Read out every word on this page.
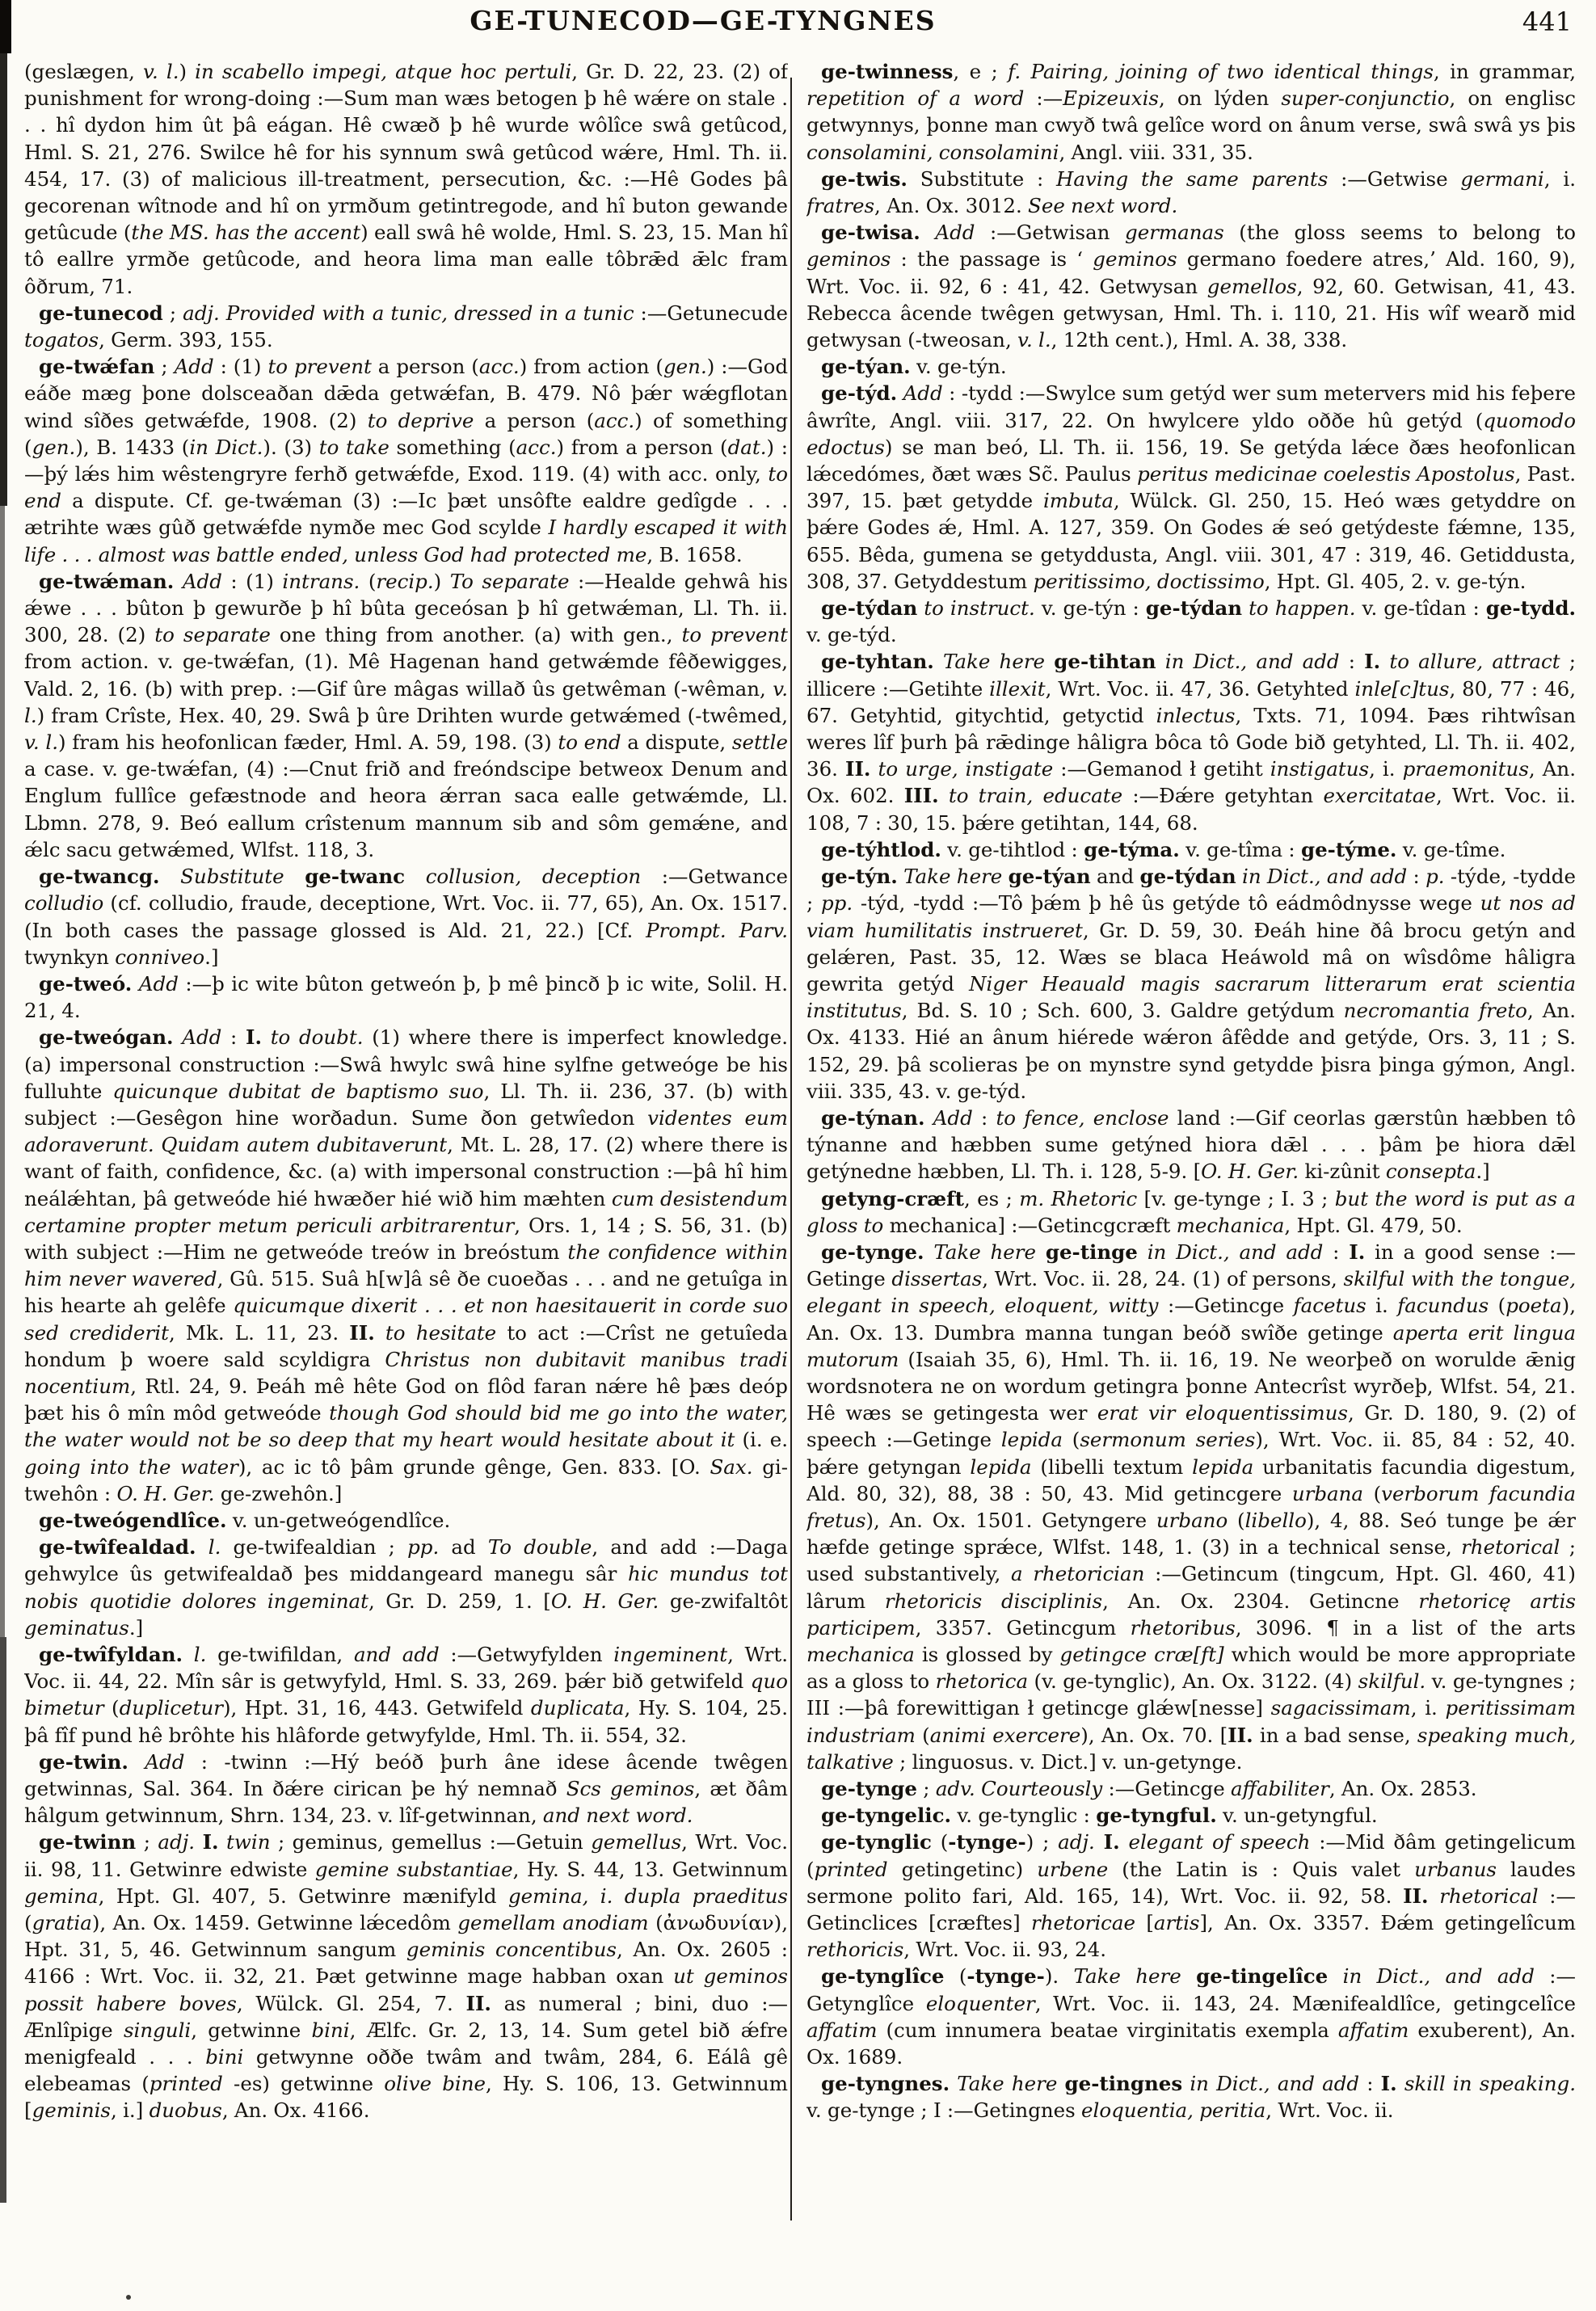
GE-TUNECOD—GE-TYNGNES	441

(geslægen, v. l.) in scabello impegi, atque hoc pertuli, Gr. D. 22, 23. (2) of punishment for wrong-doing :—Sum man wæs betogen þ hê wǽre on stale . . . hî dydon him ût þâ eágan. Hê cwæð þ hê wurde wôlîce swâ getûcod, Hml. S. 21, 276. Swilce hê for his synnum swâ getûcod wǽre, Hml. Th. ii. 454, 17. (3) of malicious ill-treatment, persecution, &c. :—Hê Godes þâ gecorenan wîtnode and hî on yrmðum getintregode, and hî buton gewande getûcude (the MS. has the accent) eall swâ hê wolde, Hml. S. 23, 15. Man hî tô eallre yrmðe getûcode, and heora lima man ealle tôbrǣd ǣlc fram ôðrum, 71.

ge-tunecod ; adj. Provided with a tunic, dressed in a tunic :—Getunecude togatos, Germ. 393, 155.

ge-twǽfan ; Add : (1) to prevent a person (acc.) from action (gen.) :—God eáðe mæg þone dolsceaðan dǣda getwǽfan, B. 479. Nô þǽr wǽgflotan wind sîðes getwǽfde, 1908. (2) to deprive a person (acc.) of something (gen.), B. 1433 (in Dict.). (3) to take something (acc.) from a person (dat.) :—þý lǽs him wêstengryre ferhð getwǽfde, Exod. 119. (4) with acc. only, to end a dispute. Cf. ge-twǽman (3) :—Ic þæt unsôfte ealdre gedîgde . . . ætrihte wæs gûð getwǽfde nymðe mec God scylde I hardly escaped it with life . . . almost was battle ended, unless God had protected me, B. 1658.

ge-twǽman. Add : (1) intrans. (recip.) To separate :—Healde gehwâ his ǽwe . . . bûton þ gewurðe þ hî bûta geceósan þ hî getwǽman, Ll. Th. ii. 300, 28. (2) to separate one thing from another. (a) with gen., to prevent from action. v. ge-twǽfan, (1). Mê Hagenan hand getwǽmde fêðewigges, Vald. 2, 16. (b) with prep. :—Gif ûre mâgas willað ûs getwêman (-wêman, v. l.) fram Crîste, Hex. 40, 29. Swâ þ ûre Drihten wurde getwǽmed (-twêmed, v. l.) fram his heofonlican fæder, Hml. A. 59, 198. (3) to end a dispute, settle a case. v. ge-twǽfan, (4) :—Cnut frið and freóndscipe betweox Denum and Englum fullîce gefæstnode and heora ǽrran saca ealle getwǽmde, Ll. Lbmn. 278, 9. Beó eallum crîstenum mannum sib and sôm gemǽne, and ǽlc sacu getwǽmed, Wlfst. 118, 3.

ge-twancg. Substitute ge-twanc collusion, deception :—Getwance colludio (cf. colludio, fraude, deceptione, Wrt. Voc. ii. 77, 65), An. Ox. 1517. (In both cases the passage glossed is Ald. 21, 22.) [Cf. Prompt. Parv. twynkyn conniveo.]

ge-tweó. Add :—þ ic wite bûton getweón þ, þ mê þincð þ ic wite, Solil. H. 21, 4.

ge-tweógan. Add : I. to doubt. (1) where there is imperfect knowledge. (a) impersonal construction :—Swâ hwylc swâ hine sylfne getweóge be his fulluhte quicunque dubitat de baptismo suo, Ll. Th. ii. 236, 37. (b) with subject :—Gesêgon hine worðadun. Sume ðon getwîedon videntes eum adoraverunt. Quidam autem dubitaverunt, Mt. L. 28, 17. (2) where there is want of faith, confidence, &c. (a) with impersonal construction :—þâ hî him neálǽhtan, þâ getweóde hié hwæðer hié wið him mæhten cum desistendum certamine propter metum periculi arbitrarentur, Ors. 1, 14 ; S. 56, 31. (b) with subject :—Him ne getweóde treów in breóstum the confidence within him never wavered, Gû. 515. Suâ h[w]â sê ðe cuoeðas . . . and ne getuîga in his hearte ah gelêfe quicumque dixerit . . . et non haesitauerit in corde suo sed crediderit, Mk. L. 11, 23. II. to hesitate to act :—Crîst ne getuîeda hondum þ woere sald scyldigra Christus non dubitavit manibus tradi nocentium, Rtl. 24, 9. Þeáh mê hête God on flôd faran nǽre hê þæs deóp þæt his ô mîn môd getweóde though God should bid me go into the water, the water would not be so deep that my heart would hesitate about it (i. e. going into the water), ac ic tô þâm grunde gênge, Gen. 833. [O. Sax. gi-twehôn : O. H. Ger. ge-zwehôn.]

ge-tweógendlîce. v. un-getweógendlîce.

ge-twîfealdad. l. ge-twifealdian ; pp. ad To double, and add :—Daga gehwylce ûs getwifealdað þes middangeard manegu sâr hic mundus tot nobis quotidie dolores ingeminat, Gr. D. 259, 1. [O. H. Ger. ge-zwifaltôt geminatus.]

ge-twîfyldan. l. ge-twifildan, and add :—Getwyfylden ingeminent, Wrt. Voc. ii. 44, 22. Mîn sâr is getwyfyld, Hml. S. 33, 269. þǽr bið getwifeld quo bimetur (duplicetur), Hpt. 31, 16, 443. Getwifeld duplicata, Hy. S. 104, 25. þâ fîf pund hê brôhte his hlâforde getwyfylde, Hml. Th. ii. 554, 32.

ge-twin. Add : -twinn :—Hý beóð þurh âne idese âcende twêgen getwinnas, Sal. 364. In ðǽre cirican þe hý nemnað Scs geminos, æt ðâm hâlgum getwinnum, Shrn. 134, 23. v. lîf-getwinnan, and next word.

ge-twinn ; adj. I. twin ; geminus, gemellus :—Getuin gemellus, Wrt. Voc. ii. 98, 11. Getwinre edwiste gemine substantiae, Hy. S. 44, 13. Getwinnum gemina, Hpt. Gl. 407, 5. Getwinre mænifyld gemina, i. dupla praeditus (gratia), An. Ox. 1459. Getwinne lǽcedôm gemellam anodiam (ἀνωδυνίαν), Hpt. 31, 5, 46. Getwinnum sangum geminis concentibus, An. Ox. 2605 : 4166 : Wrt. Voc. ii. 32, 21. Þæt getwinne mage habban oxan ut geminos possit habere boves, Wülck. Gl. 254, 7. II. as numeral ; bini, duo :—Ænlîpige singuli, getwinne bini, Ælfc. Gr. 2, 13, 14. Sum getel bið ǽfre menigfeald . . . bini getwynne oððe twâm and twâm, 284, 6. Eálâ gê elebeamas (printed -es) getwinne olive bine, Hy. S. 106, 13. Getwinnum [geminis, i.] duobus, An. Ox. 4166.

ge-twinness, e ; f. Pairing, joining of two identical things, in grammar, repetition of a word :—Epizeuxis, on lýden super-conjunctio, on englisc getwynnys, þonne man cwyð twâ gelîce word on ânum verse, swâ swâ ys þis consolamini, consolamini, Angl. viii. 331, 35.

ge-twis. Substitute : Having the same parents :—Getwise germani, i. fratres, An. Ox. 3012. See next word.

ge-twisa. Add :—Getwisan germanas (the gloss seems to belong to geminos : the passage is ‘ geminos germano foedere atres,’ Ald. 160, 9), Wrt. Voc. ii. 92, 6 : 41, 42. Getwysan gemellos, 92, 60. Getwisan, 41, 43. Rebecca âcende twêgen getwysan, Hml. Th. i. 110, 21. His wîf wearð mid getwysan (-tweosan, v. l., 12th cent.), Hml. A. 38, 338.

ge-týan. v. ge-týn.

ge-týd. Add : -tydd :—Swylce sum getýd wer sum metervers mid his feþere âwrîte, Angl. viii. 317, 22. On hwylcere yldo oððe hû getýd (quomodo edoctus) se man beó, Ll. Th. ii. 156, 19. Se getýda lǽce ðæs heofonlican lǽcedómes, ðæt wæs Sc̃. Paulus peritus medicinae coelestis Apostolus, Past. 397, 15. þæt getydde imbuta, Wülck. Gl. 250, 15. Heó wæs getyddre on þǽre Godes ǽ, Hml. A. 127, 359. On Godes ǽ seó getýdeste fǽmne, 135, 655. Bêda, gumena se getyddusta, Angl. viii. 301, 47 : 319, 46. Getiddusta, 308, 37. Getyddestum peritissimo, doctissimo, Hpt. Gl. 405, 2. v. ge-týn.

ge-týdan to instruct. v. ge-týn : ge-týdan to happen. v. ge-tîdan : ge-tydd. v. ge-týd.

ge-tyhtan. Take here ge-tihtan in Dict., and add : I. to allure, attract ; illicere :—Getihte illexit, Wrt. Voc. ii. 47, 36. Getyhted inle[c]tus, 80, 77 : 46, 67. Getyhtid, gitychtid, getyctid inlectus, Txts. 71, 1094. Þæs rihtwîsan weres lîf þurh þâ rǣdinge hâligra bôca tô Gode bið getyhted, Ll. Th. ii. 402, 36. II. to urge, instigate :—Gemanod ł getiht instigatus, i. praemonitus, An. Ox. 602. III. to train, educate :—Ðǽre getyhtan exercitatae, Wrt. Voc. ii. 108, 7 : 30, 15. þǽre getihtan, 144, 68.

ge-týhtlod. v. ge-tihtlod : ge-týma. v. ge-tîma : ge-týme. v. ge-tîme.

ge-týn. Take here ge-týan and ge-týdan in Dict., and add : p. -týde, -tydde ; pp. -týd, -tydd :—Tô þǽm þ hê ûs getýde tô eádmôdnysse wege ut nos ad viam humilitatis instrueret, Gr. D. 59, 30. Ðeáh hine ðâ brocu getýn and gelǽren, Past. 35, 12. Wæs se blaca Heáwold mâ on wîsdôme hâligra gewrita getýd Niger Heauald magis sacrarum litterarum erat scientia institutus, Bd. S. 10 ; Sch. 600, 3. Galdre getýdum necromantia freto, An. Ox. 4133. Hié an ânum hiérede wǽron âfêdde and getýde, Ors. 3, 11 ; S. 152, 29. þâ scolieras þe on mynstre synd getydde þisra þinga gýmon, Angl. viii. 335, 43. v. ge-týd.

ge-týnan. Add : to fence, enclose land :—Gif ceorlas gærstûn hæbben tô týnanne and hæbben sume getýned hiora dǣl . . . þâm þe hiora dǣl getýnedne hæbben, Ll. Th. i. 128, 5-9. [O. H. Ger. ki-zûnit consepta.]

getyng-cræft, es ; m. Rhetoric [v. ge-tynge ; I. 3 ; but the word is put as a gloss to mechanica] :—Getincgcræft mechanica, Hpt. Gl. 479, 50.

ge-tynge. Take here ge-tinge in Dict., and add : I. in a good sense :—Getinge dissertas, Wrt. Voc. ii. 28, 24. (1) of persons, skilful with the tongue, elegant in speech, eloquent, witty :—Getincge facetus i. facundus (poeta), An. Ox. 13. Dumbra manna tungan beóð swîðe getinge aperta erit lingua mutorum (Isaiah 35, 6), Hml. Th. ii. 16, 19. Ne weorþeð on worulde ǣnig wordsnotera ne on wordum getingra þonne Antecrîst wyrðeþ, Wlfst. 54, 21. Hê wæs se getingesta wer erat vir eloquentissimus, Gr. D. 180, 9. (2) of speech :—Getinge lepida (sermonum series), Wrt. Voc. ii. 85, 84 : 52, 40. þǽre getyngan lepida (libelli textum lepida urbanitatis facundia digestum, Ald. 80, 32), 88, 38 : 50, 43. Mid getincgere urbana (verborum facundia fretus), An. Ox. 1501. Getyngere urbano (libello), 4, 88. Seó tunge þe ǽr hæfde getinge sprǽce, Wlfst. 148, 1. (3) in a technical sense, rhetorical ; used substantively, a rhetorician :—Getincum (tingcum, Hpt. Gl. 460, 41) lârum rhetoricis disciplinis, An. Ox. 2304. Getincne rhetoricę artis participem, 3357. Getincgum rhetoribus, 3096. ¶ in a list of the arts mechanica is glossed by getingce cræ[ft] which would be more appropriate as a gloss to rhetorica (v. ge-tynglic), An. Ox. 3122. (4) skilful. v. ge-tyngnes ; III :—þâ forewittigan ł getincge glǽw[nesse] sagacissimam, i. peritissimam industriam (animi exercere), An. Ox. 70. [II. in a bad sense, speaking much, talkative ; linguosus. v. Dict.] v. un-getynge.

ge-tynge ; adv. Courteously :—Getincge affabiliter, An. Ox. 2853.

ge-tyngelic. v. ge-tynglic : ge-tyngful. v. un-getyngful.

ge-tynglic (-tynge-) ; adj. I. elegant of speech :—Mid ðâm getingelicum (printed getingetinc) urbene (the Latin is : Quis valet urbanus laudes sermone polito fari, Ald. 165, 14), Wrt. Voc. ii. 92, 58. II. rhetorical :—Getinclices [cræftes] rhetoricae [artis], An. Ox. 3357. Ðǽm getingelîcum rethoricis, Wrt. Voc. ii. 93, 24.

ge-tynglîce (-tynge-). Take here ge-tingelîce in Dict., and add :—Getynglîce eloquenter, Wrt. Voc. ii. 143, 24. Mænifealdlîce, getingcelîce affatim (cum innumera beatae virginitatis exempla affatim exuberent), An. Ox. 1689.

ge-tyngnes. Take here ge-tingnes in Dict., and add : I. skill in speaking. v. ge-tynge ; I :—Getingnes eloquentia, peritia, Wrt. Voc. ii.
